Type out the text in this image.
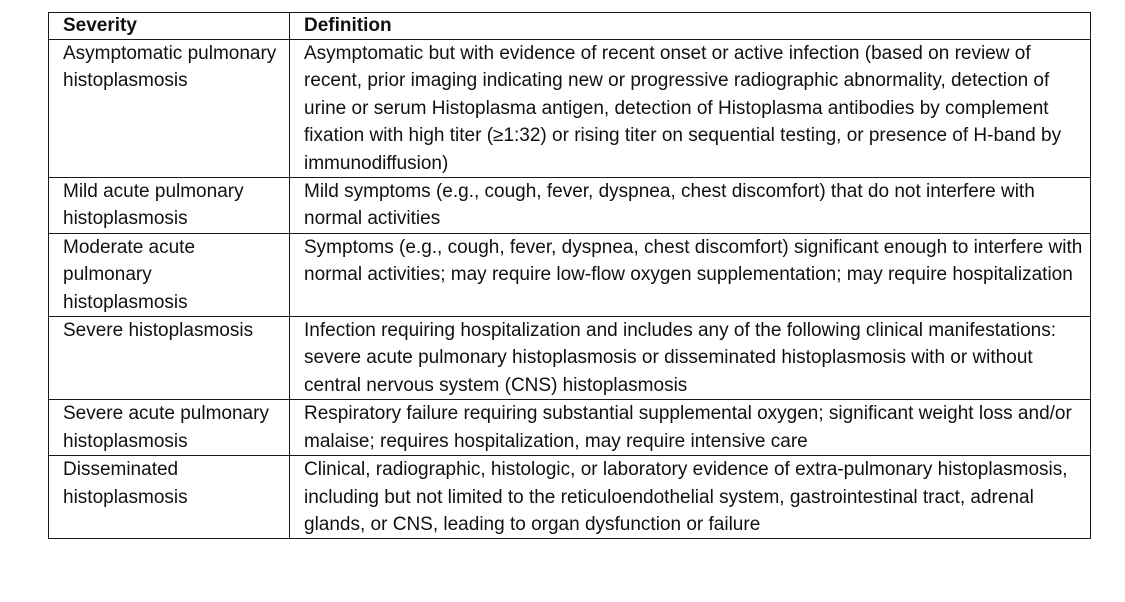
Severity	Definition
Asymptomatic pulmonary histoplasmosis	Asymptomatic but with evidence of recent onset or active infection (based on review of recent, prior imaging indicating new or progressive radiographic abnormality, detection of urine or serum Histoplasma antigen, detection of Histoplasma antibodies by complement fixation with high titer (≥1:32) or rising titer on sequential testing, or presence of H-band by immunodiffusion)
Mild acute pulmonary histoplasmosis	Mild symptoms (e.g., cough, fever, dyspnea, chest discomfort) that do not interfere with normal activities
Moderate acute pulmonary histoplasmosis	Symptoms (e.g., cough, fever, dyspnea, chest discomfort) significant enough to interfere with normal activities; may require low-flow oxygen supplementation; may require hospitalization
Severe histoplasmosis	Infection requiring hospitalization and includes any of the following clinical manifestations: severe acute pulmonary histoplasmosis or disseminated histoplasmosis with or without central nervous system (CNS) histoplasmosis
Severe acute pulmonary histoplasmosis	Respiratory failure requiring substantial supplemental oxygen; significant weight loss and/or malaise; requires hospitalization, may require intensive care
Disseminated histoplasmosis	Clinical, radiographic, histologic, or laboratory evidence of extra-pulmonary histoplasmosis, including but not limited to the reticuloendothelial system, gastrointestinal tract, adrenal glands, or CNS, leading to organ dysfunction or failure
